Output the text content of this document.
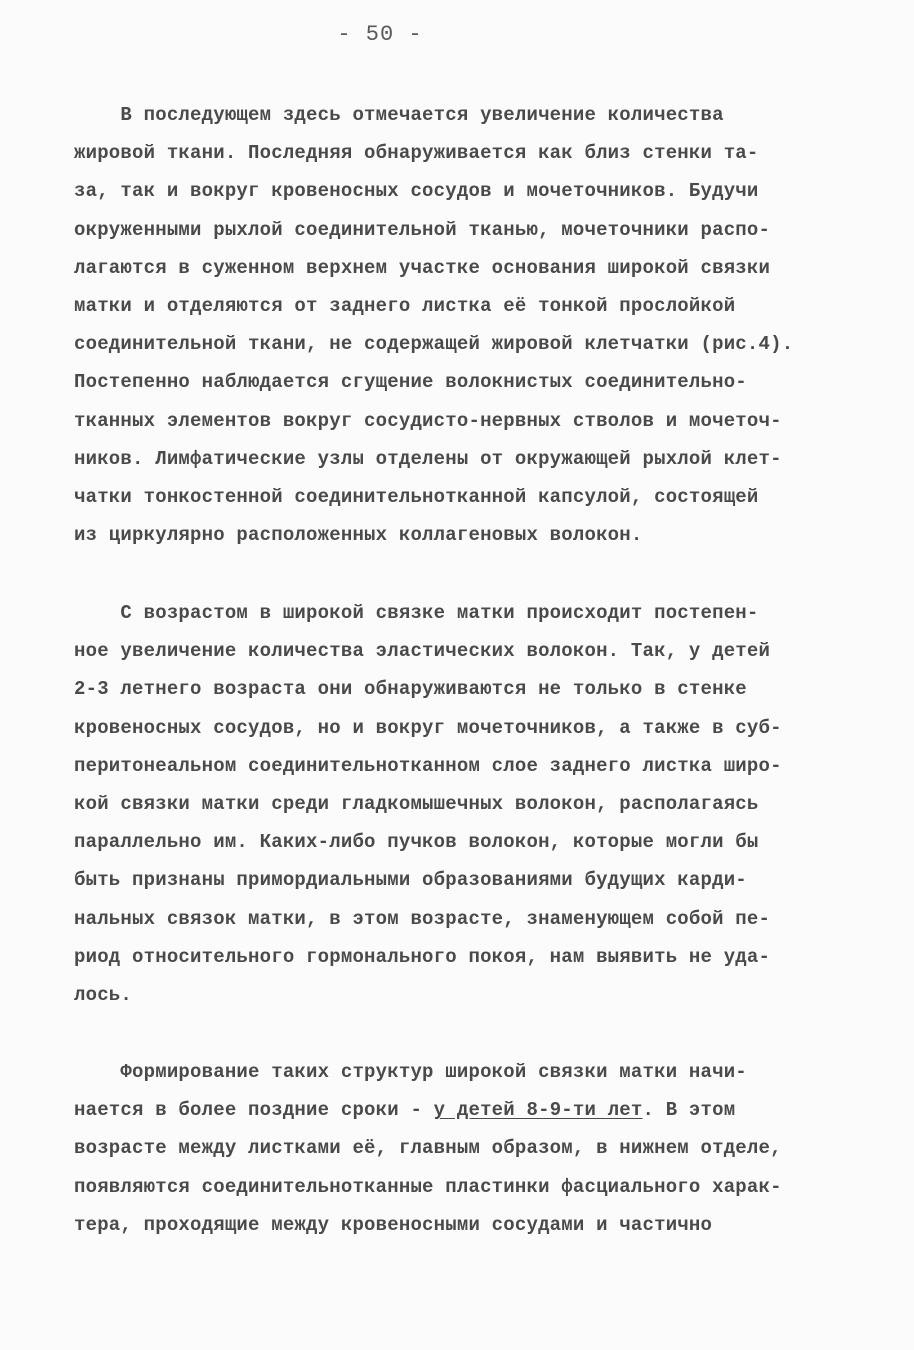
- 50 -
В последующем здесь отмечается увеличение количества
жировой ткани. Последняя обнаруживается как близ стенки та-
за, так и вокруг кровеносных сосудов и мочеточников. Будучи
окруженными рыхлой соединительной тканью, мочеточники распо-
лагаются в суженном верхнем участке основания широкой связки
матки и отделяются от заднего листка её тонкой прослойкой
соединительной ткани, не содержащей жировой клетчатки (рис.4).
Постепенно наблюдается сгущение волокнистых соединительно-
тканных элементов вокруг сосудисто-нервных стволов и мочеточ-
ников. Лимфатические узлы отделены от окружающей рыхлой клет-
чатки тонкостенной соединительнотканной капсулой, состоящей
из циркулярно расположенных коллагеновых волокон.
С возрастом в широкой связке матки происходит постепен-
ное увеличение количества эластических волокон. Так, у детей
2-3 летнего возраста они обнаруживаются не только в стенке
кровеносных сосудов, но и вокруг мочеточников, а также в суб-
перитонеальном соединительнотканном слое заднего листка широ-
кой связки матки среди гладкомышечных волокон, располагаясь
параллельно им. Каких-либо пучков волокон, которые могли бы
быть признаны примордиальными образованиями будущих карди-
нальных связок матки, в этом возрасте, знаменующем собой пе-
риод относительного гормонального покоя, нам выявить не уда-
лось.
Формирование таких структур широкой связки матки начи-
нается в более поздние сроки - у детей 8-9-ти лет. В этом
возрасте между листками её, главным образом, в нижнем отделе,
появляются соединительнотканные пластинки фасциального харак-
тера, проходящие между кровеносными сосудами и частично
